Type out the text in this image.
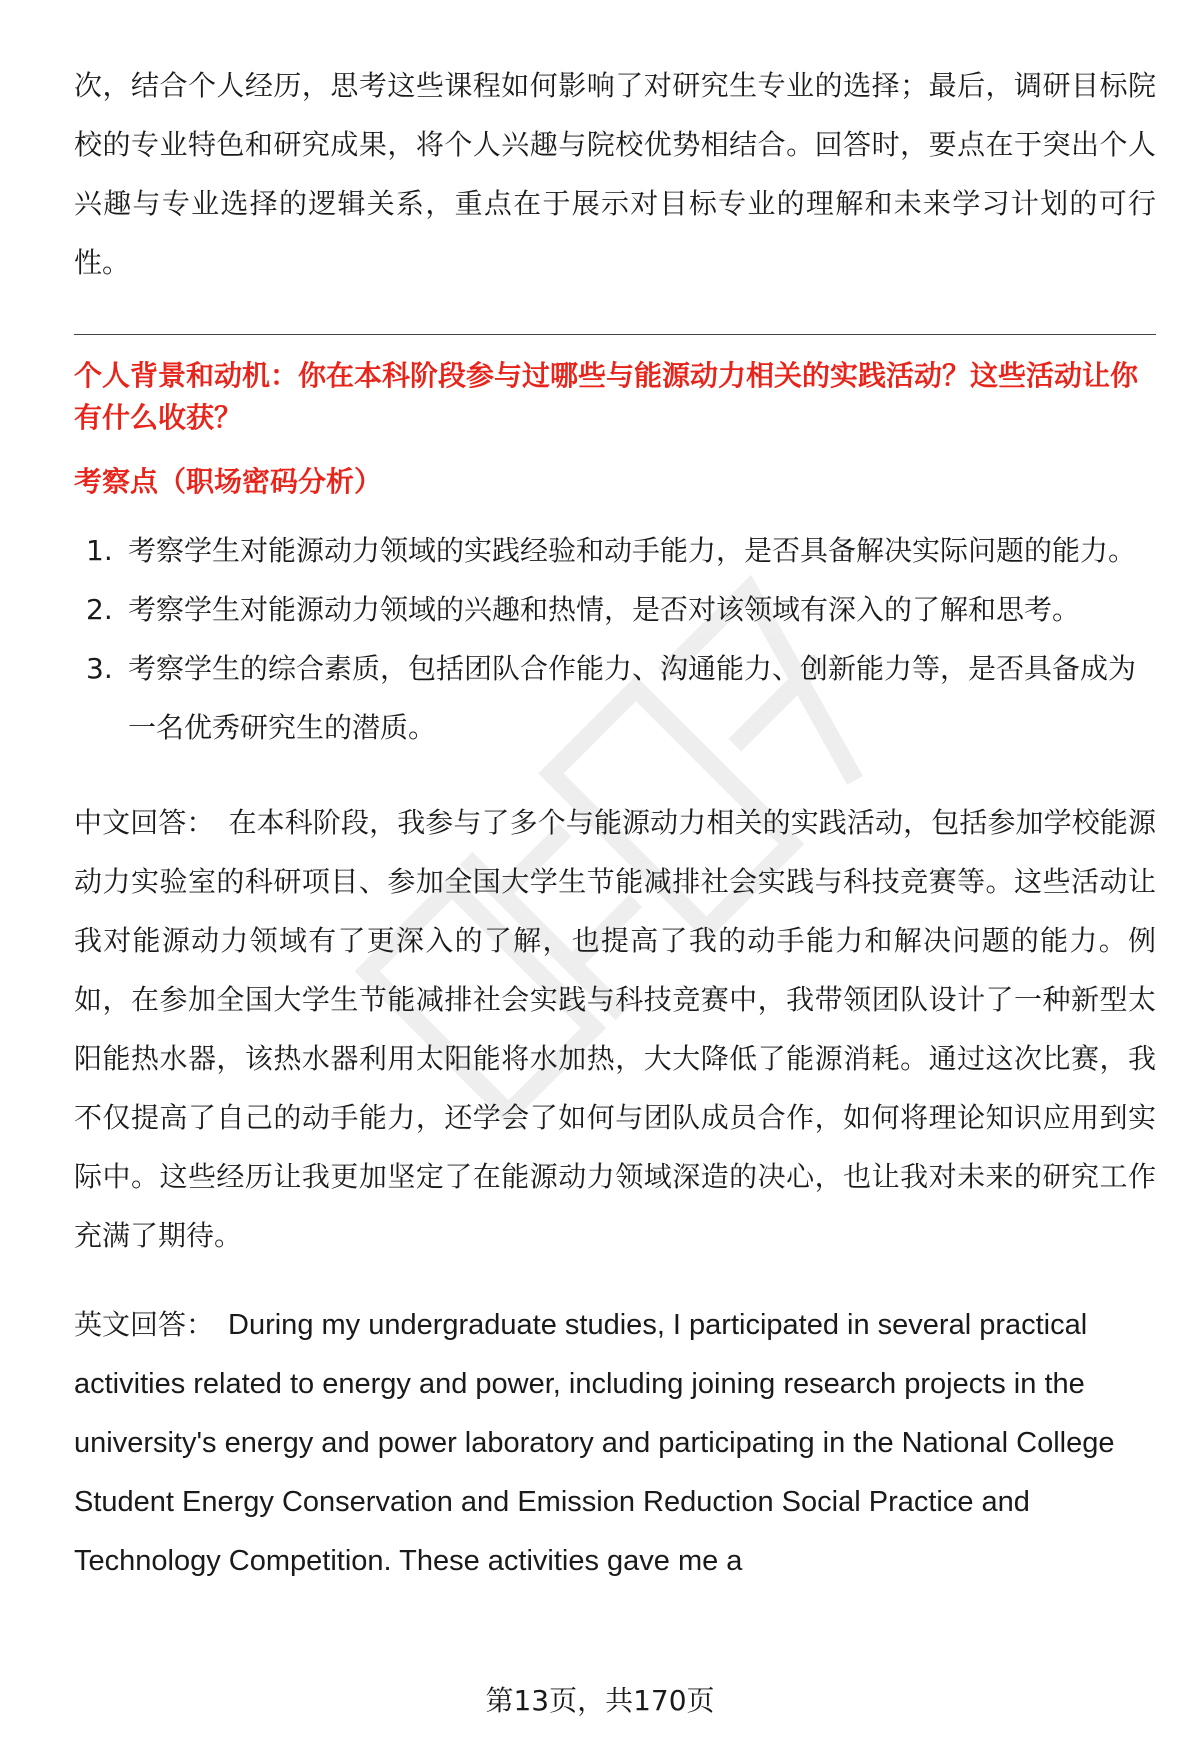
次，结合个人经历，思考这些课程如何影响了对研究生专业的选择；最后，调研目标院校的专业特色和研究成果，将个人兴趣与院校优势相结合。回答时，要点在于突出个人兴趣与专业选择的逻辑关系，重点在于展示对目标专业的理解和未来学习计划的可行性。

个人背景和动机：你在本科阶段参与过哪些与能源动力相关的实践活动？这些活动让你有什么收获？

考察点（职场密码分析）

1. 考察学生对能源动力领域的实践经验和动手能力，是否具备解决实际问题的能力。
2. 考察学生对能源动力领域的兴趣和热情，是否对该领域有深入的了解和思考。
3. 考察学生的综合素质，包括团队合作能力、沟通能力、创新能力等，是否具备成为一名优秀研究生的潜质。

中文回答： 在本科阶段，我参与了多个与能源动力相关的实践活动，包括参加学校能源动力实验室的科研项目、参加全国大学生节能减排社会实践与科技竞赛等。这些活动让我对能源动力领域有了更深入的了解，也提高了我的动手能力和解决问题的能力。例如，在参加全国大学生节能减排社会实践与科技竞赛中，我带领团队设计了一种新型太阳能热水器，该热水器利用太阳能将水加热，大大降低了能源消耗。通过这次比赛，我不仅提高了自己的动手能力，还学会了如何与团队成员合作，如何将理论知识应用到实际中。这些经历让我更加坚定了在能源动力领域深造的决心，也让我对未来的研究工作充满了期待。

英文回答： During my undergraduate studies, I participated in several practical activities related to energy and power, including joining research projects in the university's energy and power laboratory and participating in the National College Student Energy Conservation and Emission Reduction Social Practice and Technology Competition. These activities gave me a

第13页，共170页
